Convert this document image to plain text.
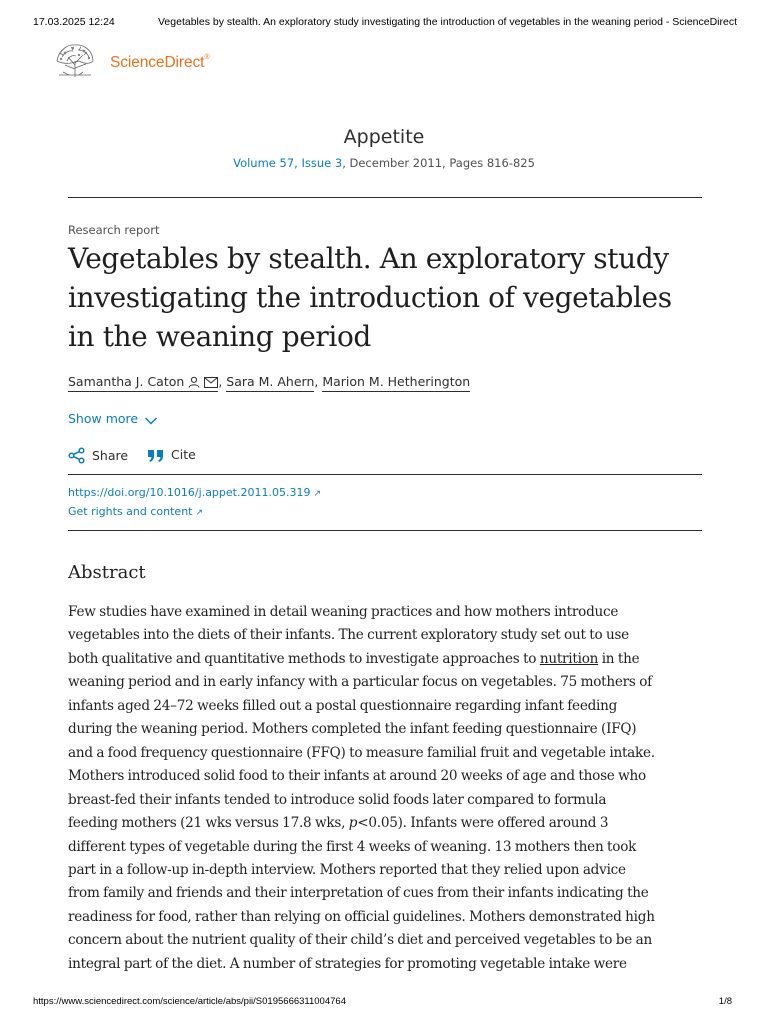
17.03.2025 12:24	Vegetables by stealth. An exploratory study investigating the introduction of vegetables in the weaning period - ScienceDirect
ScienceDirect®
Appetite
Volume 57, Issue 3, December 2011, Pages 816-825
Research report
Vegetables by stealth. An exploratory study
investigating the introduction of vegetables
in the weaning period
Samantha J. Caton	, Sara M. Ahern, Marion M. Hetherington
Show more
Share	Cite
https://doi.org/10.1016/j.appet.2011.05.319 ↗
Get rights and content ↗
Abstract
Few studies have examined in detail weaning practices and how mothers introduce
vegetables into the diets of their infants. The current exploratory study set out to use
both qualitative and quantitative methods to investigate approaches to nutrition in the
weaning period and in early infancy with a particular focus on vegetables. 75 mothers of
infants aged 24–72 weeks filled out a postal questionnaire regarding infant feeding
during the weaning period. Mothers completed the infant feeding questionnaire (IFQ)
and a food frequency questionnaire (FFQ) to measure familial fruit and vegetable intake.
Mothers introduced solid food to their infants at around 20 weeks of age and those who
breast-fed their infants tended to introduce solid foods later compared to formula
feeding mothers (21 wks versus 17.8 wks, p<0.05). Infants were offered around 3
different types of vegetable during the first 4 weeks of weaning. 13 mothers then took
part in a follow-up in-depth interview. Mothers reported that they relied upon advice
from family and friends and their interpretation of cues from their infants indicating the
readiness for food, rather than relying on official guidelines. Mothers demonstrated high
concern about the nutrient quality of their child’s diet and perceived vegetables to be an
integral part of the diet. A number of strategies for promoting vegetable intake were
https://www.sciencedirect.com/science/article/abs/pii/S0195666311004764	1/8
